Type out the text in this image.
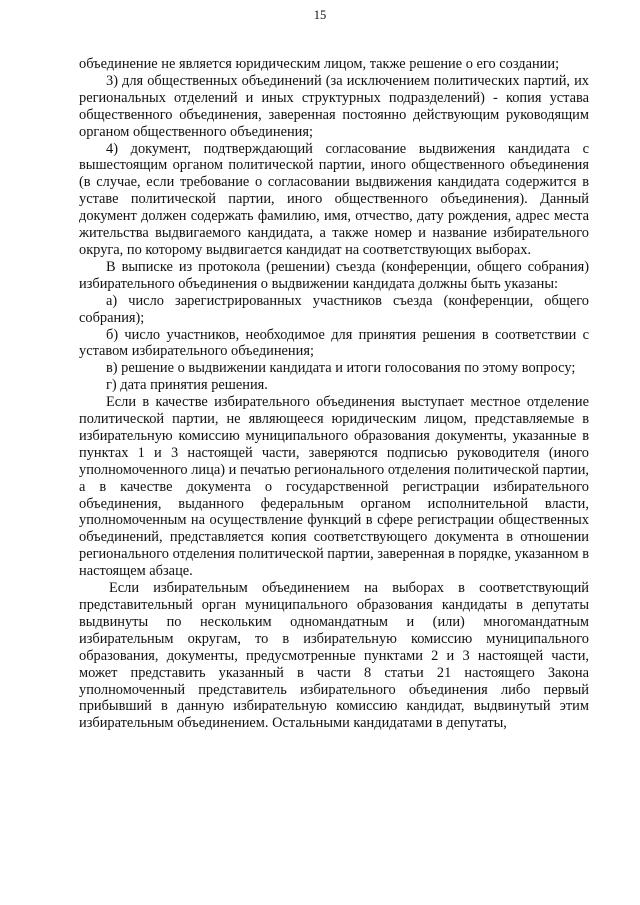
15

объединение не является юридическим лицом, также решение о его создании;

3) для общественных объединений (за исключением политических партий, их региональных отделений и иных структурных подразделений) - копия устава общественного объединения, заверенная постоянно действующим руководящим органом общественного объединения;

4) документ, подтверждающий согласование выдвижения кандидата с вышестоящим органом политической партии, иного общественного объединения (в случае, если требование о согласовании выдвижения кандидата содержится в уставе политической партии, иного общественного объединения). Данный документ должен содержать фамилию, имя, отчество, дату рождения, адрес места жительства выдвигаемого кандидата, а также номер и название избирательного округа, по которому выдвигается кандидат на соответствующих выборах.

В выписке из протокола (решении) съезда (конференции, общего собрания) избирательного объединения о выдвижении кандидата должны быть указаны:

а) число зарегистрированных участников съезда (конференции, общего собрания);

б) число участников, необходимое для принятия решения в соответствии с уставом избирательного объединения;

в) решение о выдвижении кандидата и итоги голосования по этому вопросу;

г) дата принятия решения.

Если в качестве избирательного объединения выступает местное отделение политической партии, не являющееся юридическим лицом, представляемые в избирательную комиссию муниципального образования документы, указанные в пунктах 1 и 3 настоящей части, заверяются подписью руководителя (иного уполномоченного лица) и печатью регионального отделения политической партии, а в качестве документа о государственной регистрации избирательного объединения, выданного федеральным органом исполнительной власти, уполномоченным на осуществление функций в сфере регистрации общественных объединений, представляется копия соответствующего документа в отношении регионального отделения политической партии, заверенная в порядке, указанном в настоящем абзаце.

Если избирательным объединением на выборах в соответствующий представительный орган муниципального образования кандидаты в депутаты выдвинуты по нескольким одномандатным и (или) многомандатным избирательным округам, то в избирательную комиссию муниципального образования, документы, предусмотренные пунктами 2 и 3 настоящей части, может представить указанный в части 8 статьи 21 настоящего Закона уполномоченный представитель избирательного объединения либо первый прибывший в данную избирательную комиссию кандидат, выдвинутый этим избирательным объединением. Остальными кандидатами в депутаты,
